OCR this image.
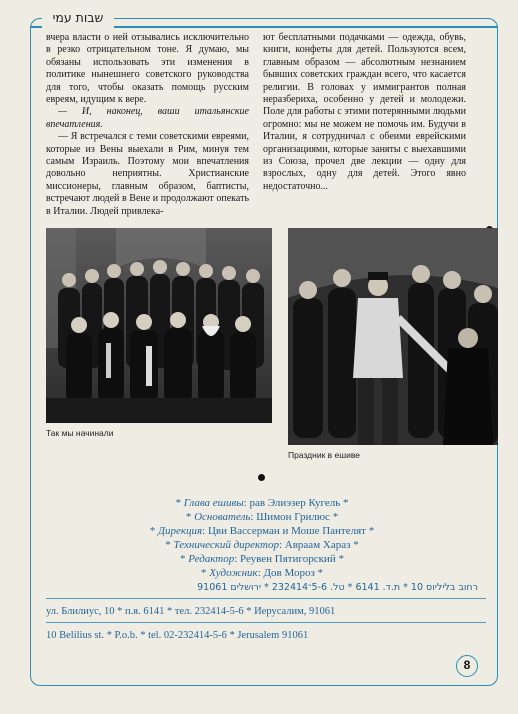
שבות עמי

вчера власти о ней отзывались исключительно в резко отрицательном тоне. Я думаю, мы обязаны использовать эти изменения в политике нынешнего советского руководства для того, чтобы оказать помощь русским евреям, идущим к вере.

— И, наконец, ваши итальянские впечатления.

— Я встречался с теми советскими евреями, которые из Вены выехали в Рим, минуя тем самым Израиль. Поэтому мои впечатления довольно неприятны. Христианские миссионеры, главным образом, баптисты, встречают людей в Вене и продолжают опекать в Италии. Людей привлека-

ют бесплатными подачками — одежда, обувь, книги, конфеты для детей. Пользуются всем, главным образом — абсолютным незнанием бывших советских граждан всего, что касается религии. В головах у иммигрантов полная неразбериха, особенно у детей и молодежи. Поле для работы с этими потерянными людьми огромно: мы не можем не помочь им. Будучи в Италии, я сотрудничал с обеими еврейскими организациями, которые заняты с выехавшими из Союза, прочел две лекции — одну для взрослых, одну для детей. Этого явно недостаточно...

Так мы начинали
Праздник в ешиве
* Глава ешивы: рав Элиэзер Кугель *
* Основатель: Шимон Грилюс *
* Дирекция: Цви Вассерман и Моше Пантелят *
* Технический директор: Авраам Хараз *
* Редактор: Реувен Пятигорский *
* Художник: Дов Мороз *
רחוב בליליוס 10 * ת.ד. 6141 * טל. 5-6־232414 * ירושלים 91061
ул. Блилиус, 10 * п.я. 6141 * тел. 232414-5-6 * Иерусалим, 91061
10 Belilius st. * P.o.b. * tel. 02-232414-5-6 * Jerusalem 91061
8
